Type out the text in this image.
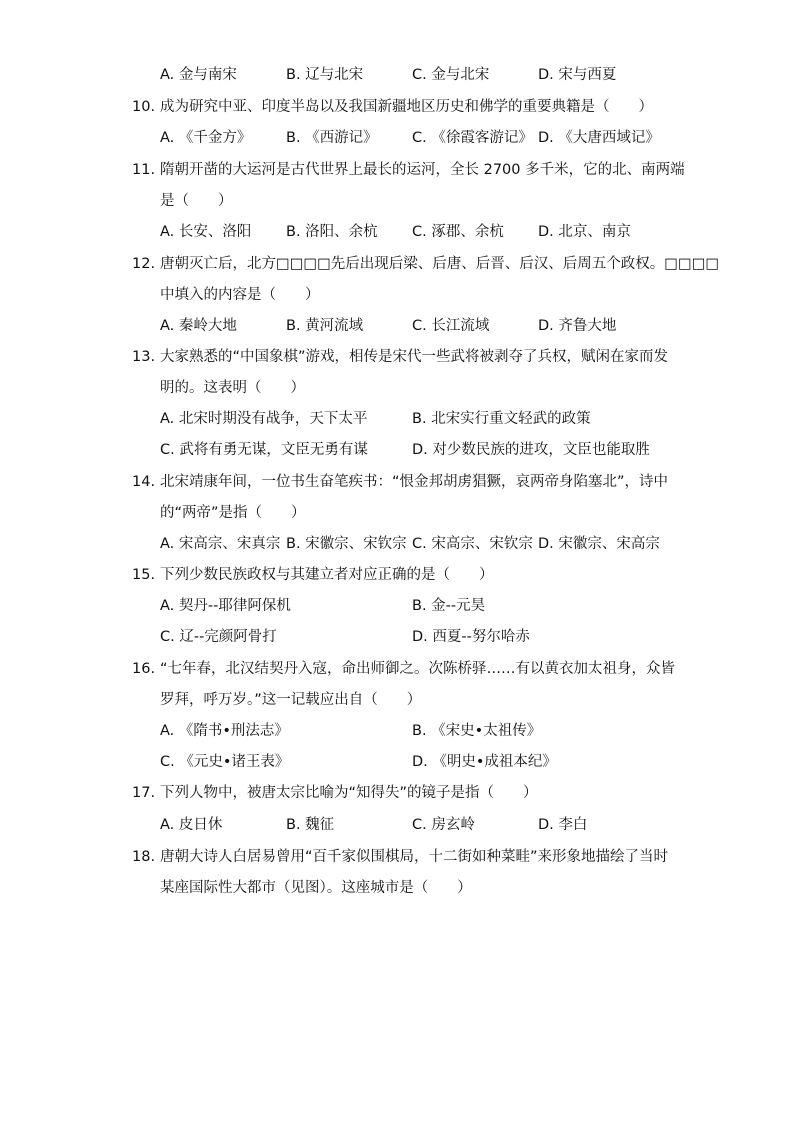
A. 金与南宋	B. 辽与北宋	C. 金与北宋	D. 宋与西夏
10. 成为研究中亚、印度半岛以及我国新疆地区历史和佛学的重要典籍是（　　）
A. 《千金方》 B. 《西游记》 C. 《徐霞客游记》 D. 《大唐西域记》
11. 隋朝开凿的大运河是古代世界上最长的运河，全长 2700 多千米，它的北、南两端
是（　　）
A. 长安、洛阳 B. 洛阳、余杭 C. 涿郡、余杭 D. 北京、南京
12. 唐朝灭亡后，北方□□□□先后出现后梁、后唐、后晋、后汉、后周五个政权。□□□□
中填入的内容是（　　）
A. 秦岭大地	B. 黄河流域	C. 长江流域	D. 齐鲁大地
13. 大家熟悉的“中国象棋”游戏，相传是宋代一些武将被剥夺了兵权，赋闲在家而发
明的。这表明（　　）
A. 北宋时期没有战争，天下太平	B. 北宋实行重文轻武的政策
C. 武将有勇无谋，文臣无勇有谋	D. 对少数民族的进攻，文臣也能取胜
14. 北宋靖康年间，一位书生奋笔疾书：“恨金邦胡虏猖獗，哀两帝身陷塞北”，诗中
的“两帝”是指（　　）
A. 宋高宗、宋真宗 B. 宋徽宗、宋钦宗 C. 宋高宗、宋钦宗 D. 宋徽宗、宋高宗
15. 下列少数民族政权与其建立者对应正确的是（　　）
A. 契丹--耶律阿保机	B. 金--元昊
C. 辽--完颜阿骨打	D. 西夏--努尔哈赤
16. “七年春，北汉结契丹入寇，命出师御之。次陈桥驿……有以黄衣加太祖身，众皆
罗拜，呼万岁。”这一记载应出自（　　）
A. 《隋书•刑法志》	B. 《宋史•太祖传》
C. 《元史•诸王表》	D. 《明史•成祖本纪》
17. 下列人物中，被唐太宗比喻为“知得失”的镜子是指（　　）
A. 皮日休	B. 魏征	C. 房玄岭	D. 李白
18. 唐朝大诗人白居易曾用“百千家似围棋局，十二街如种菜畦”来形象地描绘了当时
某座国际性大都市（见图）。这座城市是（　　）
